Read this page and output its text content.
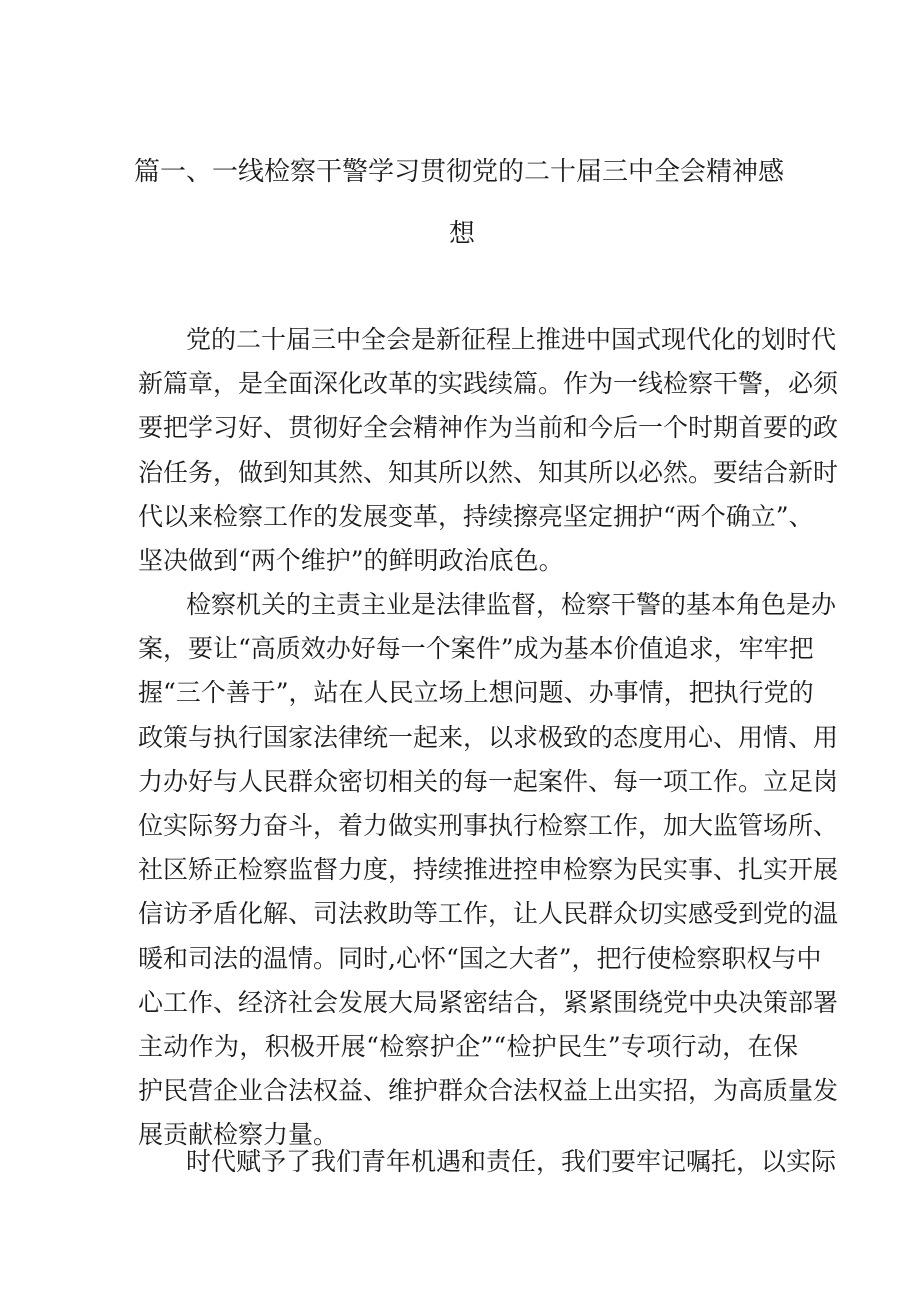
篇一、一线检察干警学习贯彻党的二十届三中全会精神感
想
党的二十届三中全会是新征程上推进中国式现代化的划时代
新篇章，是全面深化改革的实践续篇。作为一线检察干警，必须
要把学习好、贯彻好全会精神作为当前和今后一个时期首要的政
治任务，做到知其然、知其所以然、知其所以必然。要结合新时
代以来检察工作的发展变革，持续擦亮坚定拥护“两个确立”、
坚决做到“两个维护”的鲜明政治底色。
检察机关的主责主业是法律监督，检察干警的基本角色是办
案，要让“高质效办好每一个案件”成为基本价值追求，牢牢把
握“三个善于”，站在人民立场上想问题、办事情，把执行党的
政策与执行国家法律统一起来，以求极致的态度用心、用情、用
力办好与人民群众密切相关的每一起案件、每一项工作。立足岗
位实际努力奋斗，着力做实刑事执行检察工作，加大监管场所、
社区矫正检察监督力度，持续推进控申检察为民实事、扎实开展
信访矛盾化解、司法救助等工作，让人民群众切实感受到党的温
暖和司法的温情。同时,心怀“国之大者”，把行使检察职权与中
心工作、经济社会发展大局紧密结合，紧紧围绕党中央决策部署
主动作为，积极开展“检察护企”“检护民生”专项行动，在保
护民营企业合法权益、维护群众合法权益上出实招，为高质量发
展贡献检察力量。
时代赋予了我们青年机遇和责任，我们要牢记嘱托，以实际
